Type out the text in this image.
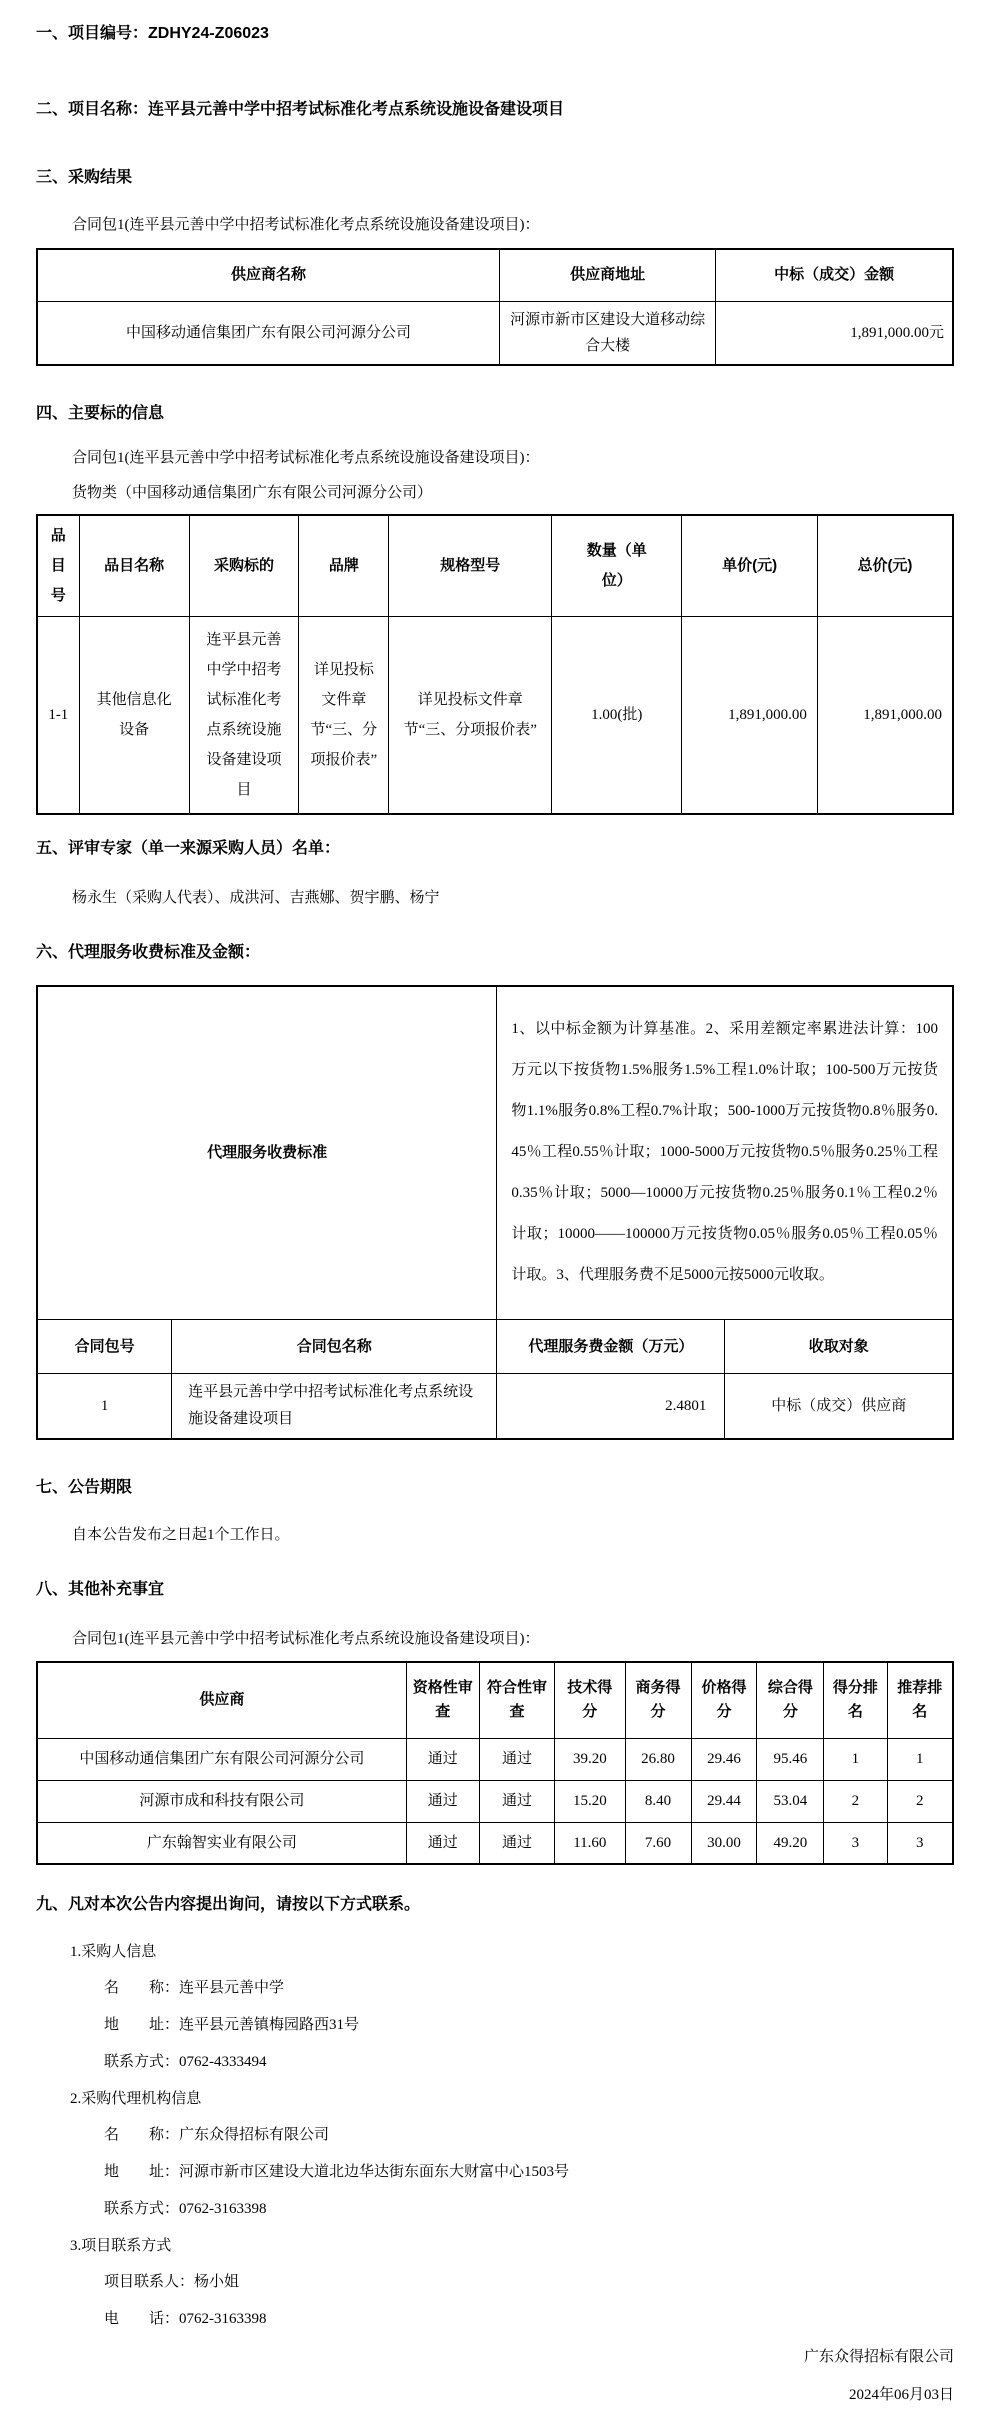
一、项目编号：ZDHY24-Z06023
二、项目名称：连平县元善中学中招考试标准化考点系统设施设备建设项目
三、采购结果
合同包1(连平县元善中学中招考试标准化考点系统设施设备建设项目)：
供应商名称	供应商地址	中标（成交）金额
中国移动通信集团广东有限公司河源分公司	河源市新市区建设大道移动综合大楼	1,891,000.00元
四、主要标的信息
合同包1(连平县元善中学中招考试标准化考点系统设施设备建设项目)：
货物类（中国移动通信集团广东有限公司河源分公司）
品目号	品目名称	采购标的	品牌	规格型号	数量（单位）	单价(元)	总价(元)
1-1	其他信息化设备	连平县元善中学中招考试标准化考点系统设施设备建设项目	详见投标文件章节“三、分项报价表”	详见投标文件章节“三、分项报价表”	1.00(批)	1,891,000.00	1,891,000.00
五、评审专家（单一来源采购人员）名单：
杨永生（采购人代表）、成洪河、吉燕娜、贺宇鹏、杨宁
六、代理服务收费标准及金额：
代理服务收费标准		1、以中标金额为计算基准。2、采用差额定率累进法计算：100万元以下按货物1.5%服务1.5%工程1.0%计取；100-500万元按货物1.1%服务0.8%工程0.7%计取；500-1000万元按货物0.8％服务0.45％工程0.55％计取；1000-5000万元按货物0.5％服务0.25％工程0.35％计取；5000—10000万元按货物0.25％服务0.1％工程0.2％计取；10000——100000万元按货物0.05％服务0.05％工程0.05％计取。3、代理服务费不足5000元按5000元收取。	
合同包号	合同包名称	代理服务费金额（万元）	收取对象
1	连平县元善中学中招考试标准化考点系统设施设备建设项目	2.4801	中标（成交）供应商
七、公告期限
自本公告发布之日起1个工作日。
八、其他补充事宜
合同包1(连平县元善中学中招考试标准化考点系统设施设备建设项目)：
供应商	资格性审查	符合性审查	技术得分	商务得分	价格得分	综合得分	得分排名	推荐排名
中国移动通信集团广东有限公司河源分公司	通过	通过	39.20	26.80	29.46	95.46	1	1
河源市成和科技有限公司	通过	通过	15.20	8.40	29.44	53.04	2	2
广东翰智实业有限公司	通过	通过	11.60	7.60	30.00	49.20	3	3
九、凡对本次公告内容提出询问，请按以下方式联系。
1.采购人信息
名　　称：连平县元善中学
地　　址：连平县元善镇梅园路西31号
联系方式：0762-4333494
2.采购代理机构信息
名　　称：广东众得招标有限公司
地　　址：河源市新市区建设大道北边华达街东面东大财富中心1503号
联系方式：0762-3163398
3.项目联系方式
项目联系人：杨小姐
电　　话：0762-3163398
广东众得招标有限公司
2024年06月03日
